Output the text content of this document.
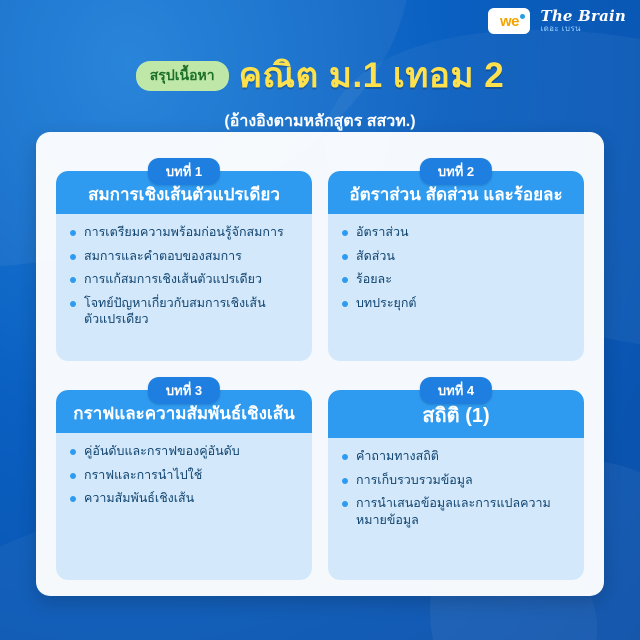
we The Brain
เดอะ เบรน
สรุปเนื้อหา คณิต ม.1 เทอม 2
(อ้างอิงตามหลักสูตร สสวท.)
บทที่ 1
สมการเชิงเส้นตัวแปรเดียว
การเตรียมความพร้อมก่อนรู้จักสมการ
สมการและคำตอบของสมการ
การแก้สมการเชิงเส้นตัวแปรเดียว
โจทย์ปัญหาเกี่ยวกับสมการเชิงเส้นตัวแปรเดียว
บทที่ 2
อัตราส่วน สัดส่วน และร้อยละ
อัตราส่วน
สัดส่วน
ร้อยละ
บทประยุกต์
บทที่ 3
กราฟและความสัมพันธ์เชิงเส้น
คู่อันดับและกราฟของคู่อันดับ
กราฟและการนำไปใช้
ความสัมพันธ์เชิงเส้น
บทที่ 4
สถิติ (1)
คำถามทางสถิติ
การเก็บรวบรวมข้อมูล
การนำเสนอข้อมูลและการแปลความหมายข้อมูล
